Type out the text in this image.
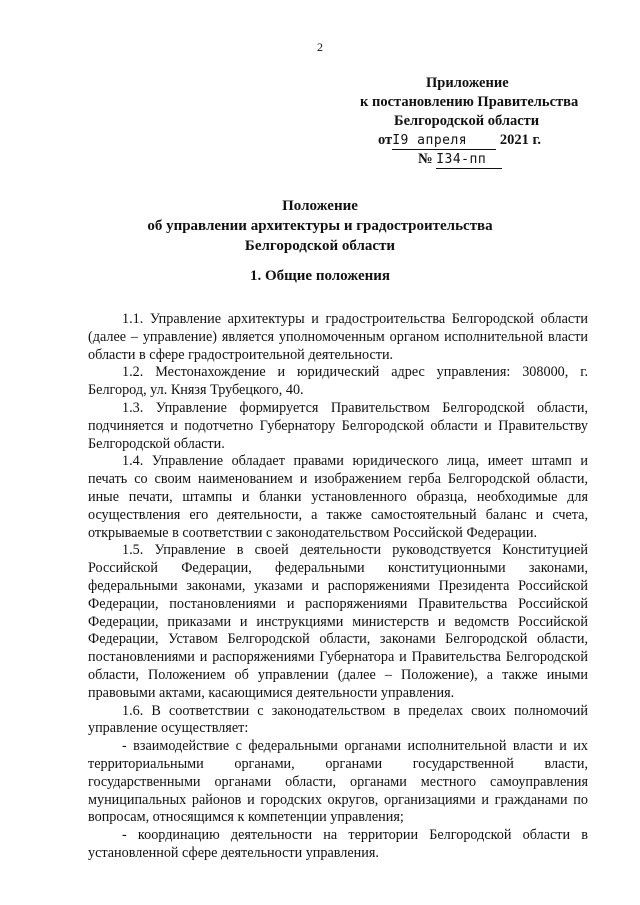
2
Приложение
к постановлению Правительства
Белгородской области
отI9 апреля 2021 г.
№ I34-пп
Положение
об управлении архитектуры и градостроительства
Белгородской области
1. Общие положения

1.1. Управление архитектуры и градостроительства Белгородской области (далее – управление) является уполномоченным органом исполнительной власти области в сфере градостроительной деятельности.

1.2. Местонахождение и юридический адрес управления: 308000, г. Белгород, ул. Князя Трубецкого, 40.

1.3. Управление формируется Правительством Белгородской области, подчиняется и подотчетно Губернатору Белгородской области и Правительству Белгородской области.

1.4. Управление обладает правами юридического лица, имеет штамп и печать со своим наименованием и изображением герба Белгородской области, иные печати, штампы и бланки установленного образца, необходимые для осуществления его деятельности, а также самостоятельный баланс и счета, открываемые в соответствии с законодательством Российской Федерации.

1.5. Управление в своей деятельности руководствуется Конституцией Российской Федерации, федеральными конституционными законами, федеральными законами, указами и распоряжениями Президента Российской Федерации, постановлениями и распоряжениями Правительства Российской Федерации, приказами и инструкциями министерств и ведомств Российской Федерации, Уставом Белгородской области, законами Белгородской области, постановлениями и распоряжениями Губернатора и Правительства Белгородской области, Положением об управлении (далее – Положение), а также иными правовыми актами, касающимися деятельности управления.

1.6. В соответствии с законодательством в пределах своих полномочий управление осуществляет:

- взаимодействие с федеральными органами исполнительной власти и их территориальными органами, органами государственной власти, государственными органами области, органами местного самоуправления муниципальных районов и городских округов, организациями и гражданами по вопросам, относящимся к компетенции управления;

- координацию деятельности на территории Белгородской области в установленной сфере деятельности управления.
